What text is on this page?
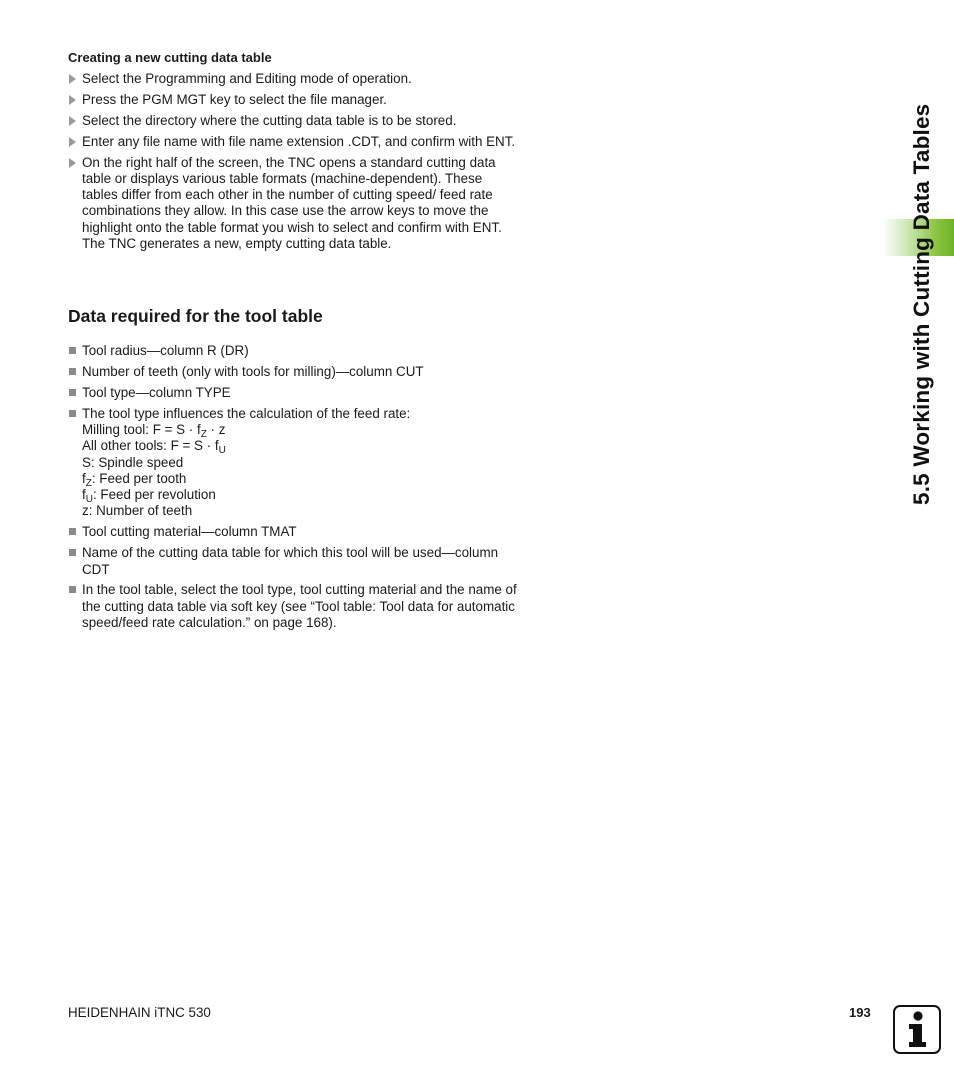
Creating a new cutting data table
Select the Programming and Editing mode of operation.
Press the PGM MGT key to select the file manager.
Select the directory where the cutting data table is to be stored.
Enter any file name with file name extension .CDT, and confirm with ENT.
On the right half of the screen, the TNC opens a standard cutting data table or displays various table formats (machine-dependent). These tables differ from each other in the number of cutting speed/ feed rate combinations they allow. In this case use the arrow keys to move the highlight onto the table format you wish to select and confirm with ENT. The TNC generates a new, empty cutting data table.
Data required for the tool table
Tool radius—column R (DR)
Number of teeth (only with tools for milling)—column CUT
Tool type—column TYPE
The tool type influences the calculation of the feed rate:
Milling tool: $F = S \cdot f_Z \cdot z$
All other tools: $F = S \cdot f_U$
S: Spindle speed
$f_Z$: Feed per tooth
$f_U$: Feed per revolution
z: Number of teeth
Tool cutting material—column TMAT
Name of the cutting data table for which this tool will be used—column CDT
In the tool table, select the tool type, tool cutting material and the name of the cutting data table via soft key (see “Tool table: Tool data for automatic speed/feed rate calculation.” on page 168).
5.5 Working with Cutting Data Tables
HEIDENHAIN iTNC 530	193
